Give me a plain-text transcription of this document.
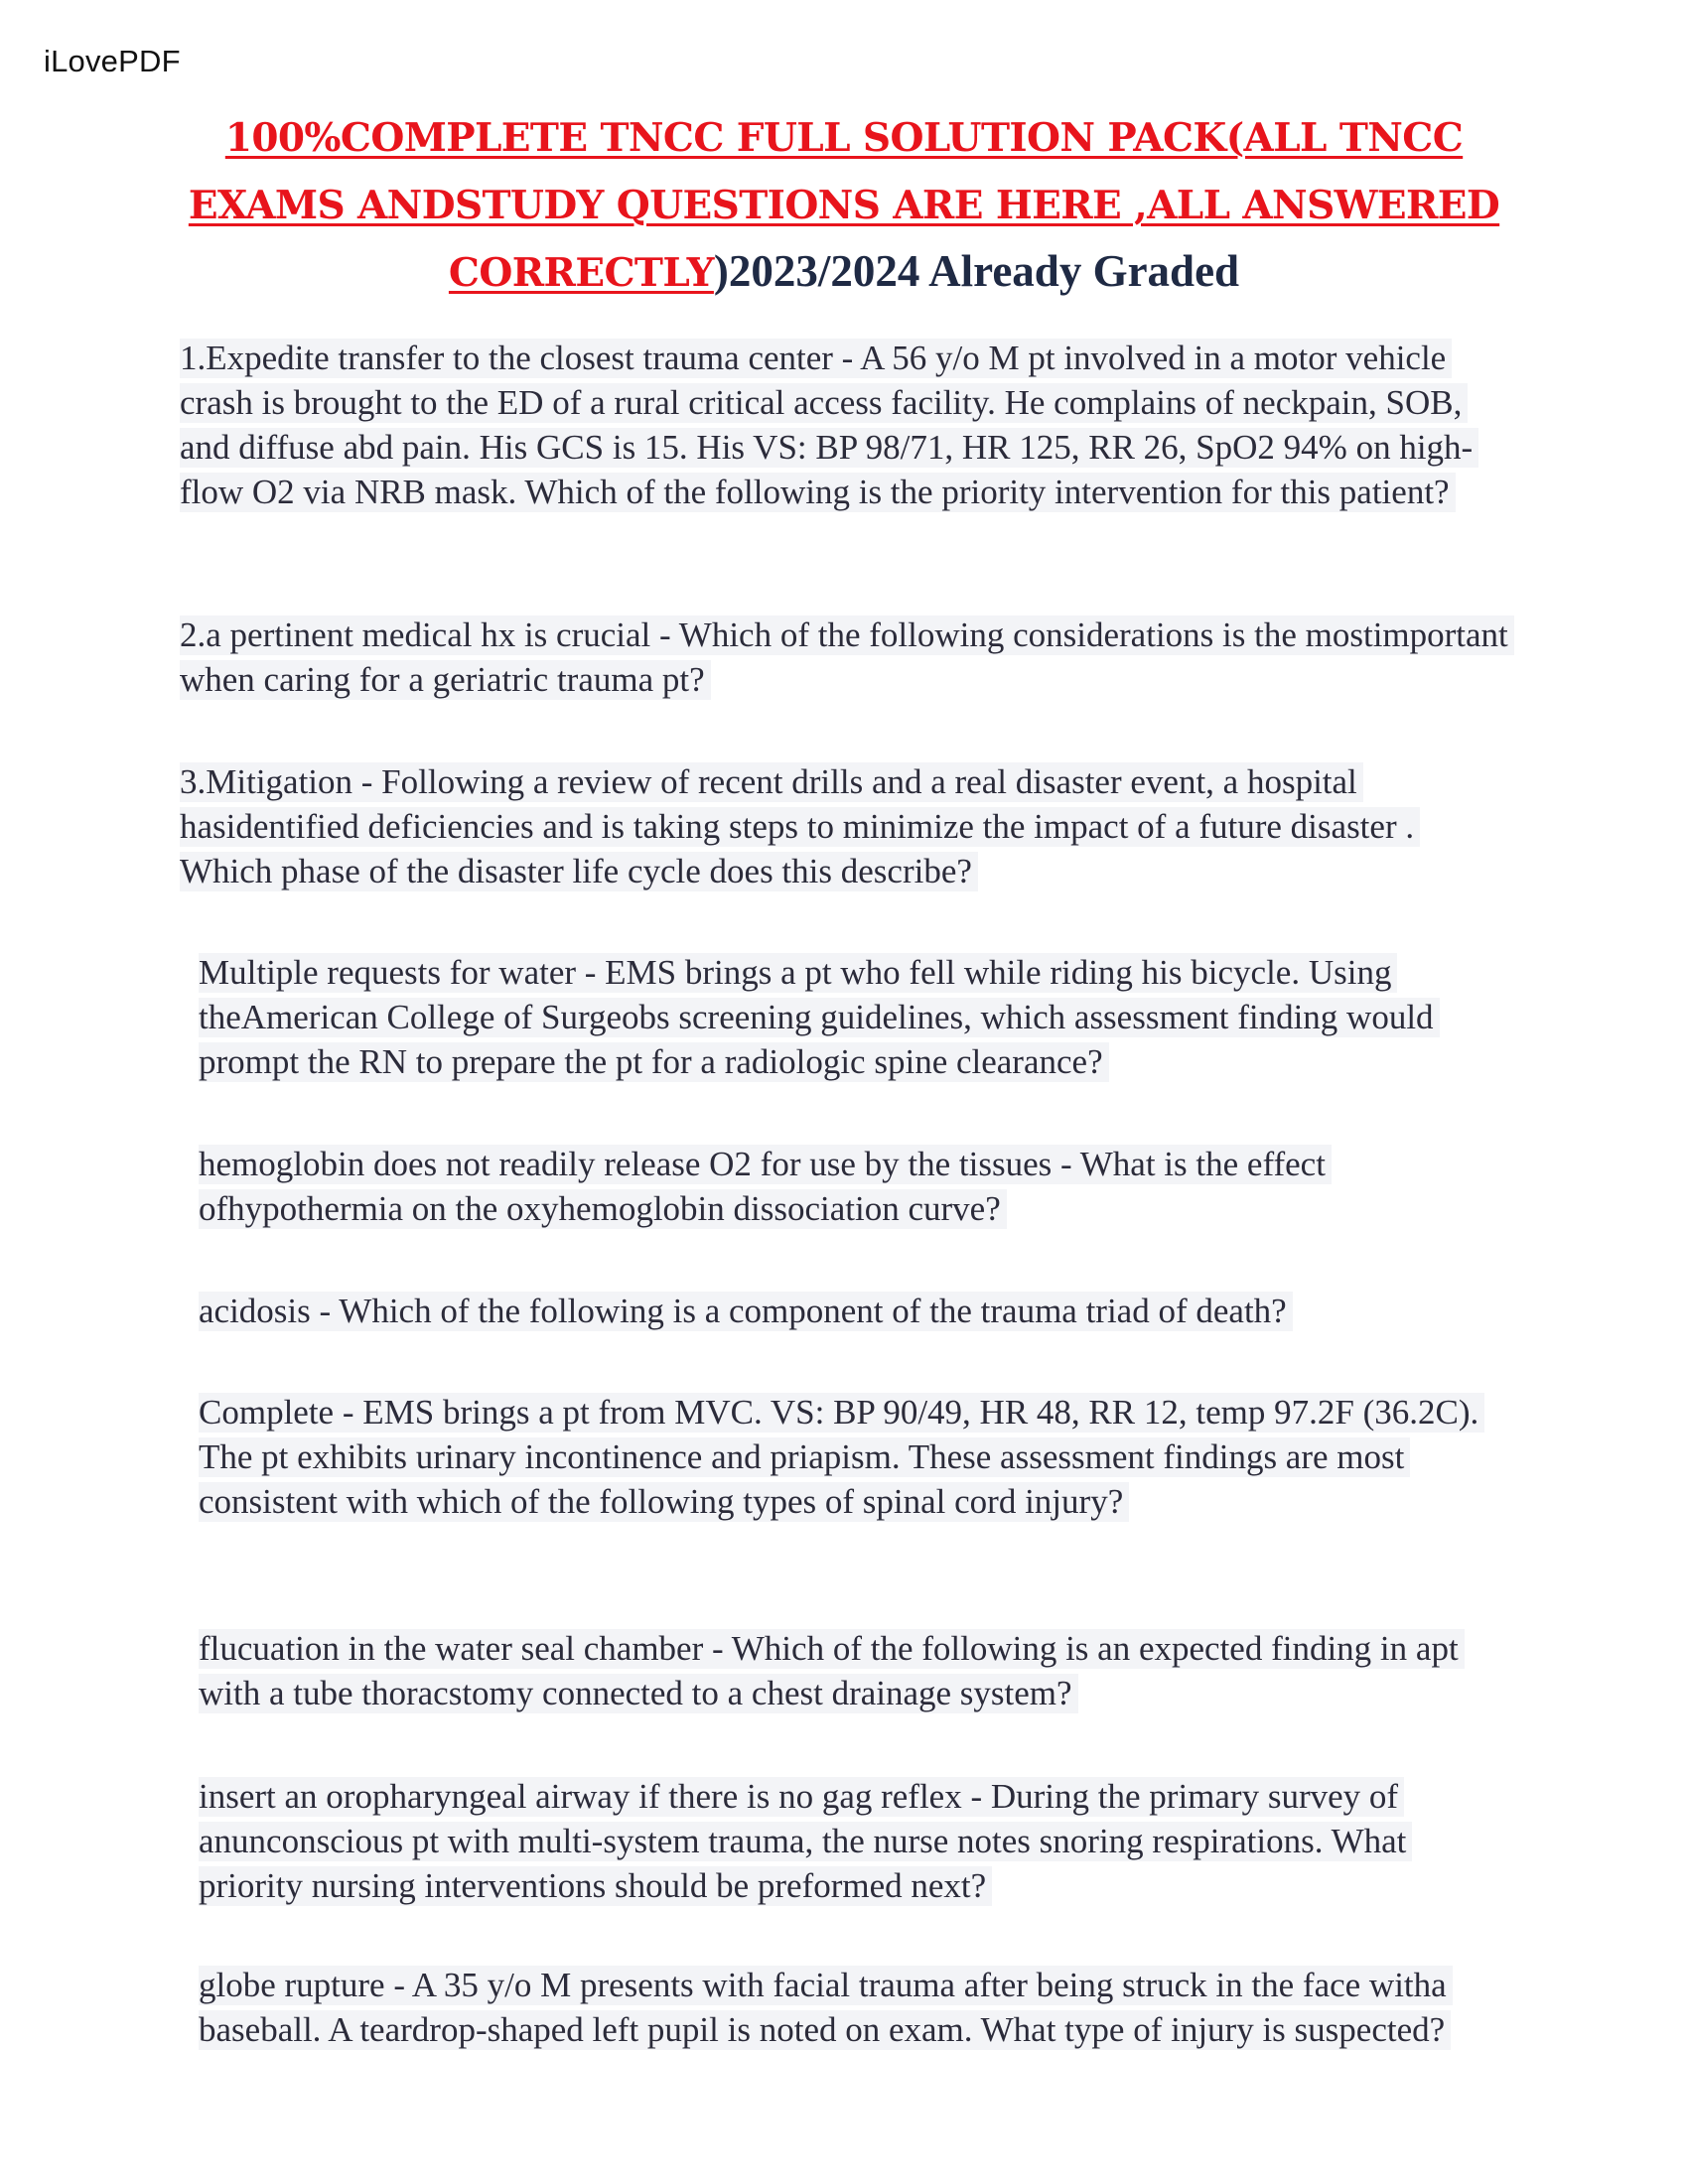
iLovePDF
100%COMPLETE TNCC FULL SOLUTION PACK(ALL TNCC EXAMS ANDSTUDY QUESTIONS ARE HERE ,ALL ANSWERED CORRECTLY)2023/2024 Already Graded
1.Expedite transfer to the closest trauma center - A 56 y/o M pt involved in a motor vehicle crash is brought to the ED of a rural critical access facility. He complains of neckpain, SOB, and diffuse abd pain. His GCS is 15. His VS: BP 98/71, HR 125, RR 26, SpO2 94% on high-flow O2 via NRB mask. Which of the following is the priority intervention for this patient?
2.a pertinent medical hx is crucial - Which of the following considerations is the mostimportant when caring for a geriatric trauma pt?
3.Mitigation - Following a review of recent drills and a real disaster event, a hospital hasidentified deficiencies and is taking steps to minimize the impact of a future disaster . Which phase of the disaster life cycle does this describe?
Multiple requests for water - EMS brings a pt who fell while riding his bicycle. Using theAmerican College of Surgeobs screening guidelines, which assessment finding would prompt the RN to prepare the pt for a radiologic spine clearance?
hemoglobin does not readily release O2 for use by the tissues - What is the effect ofhypothermia on the oxyhemoglobin dissociation curve?
acidosis - Which of the following is a component of the trauma triad of death?
Complete - EMS brings a pt from MVC. VS: BP 90/49, HR 48, RR 12, temp 97.2F (36.2C). The pt exhibits urinary incontinence and priapism. These assessment findings are most consistent with which of the following types of spinal cord injury?
flucuation in the water seal chamber - Which of the following is an expected finding in apt with a tube thoracstomy connected to a chest drainage system?
insert an oropharyngeal airway if there is no gag reflex - During the primary survey of anunconscious pt with multi-system trauma, the nurse notes snoring respirations. What priority nursing interventions should be preformed next?
globe rupture - A 35 y/o M presents with facial trauma after being struck in the face witha baseball. A teardrop-shaped left pupil is noted on exam. What type of injury is suspected?
